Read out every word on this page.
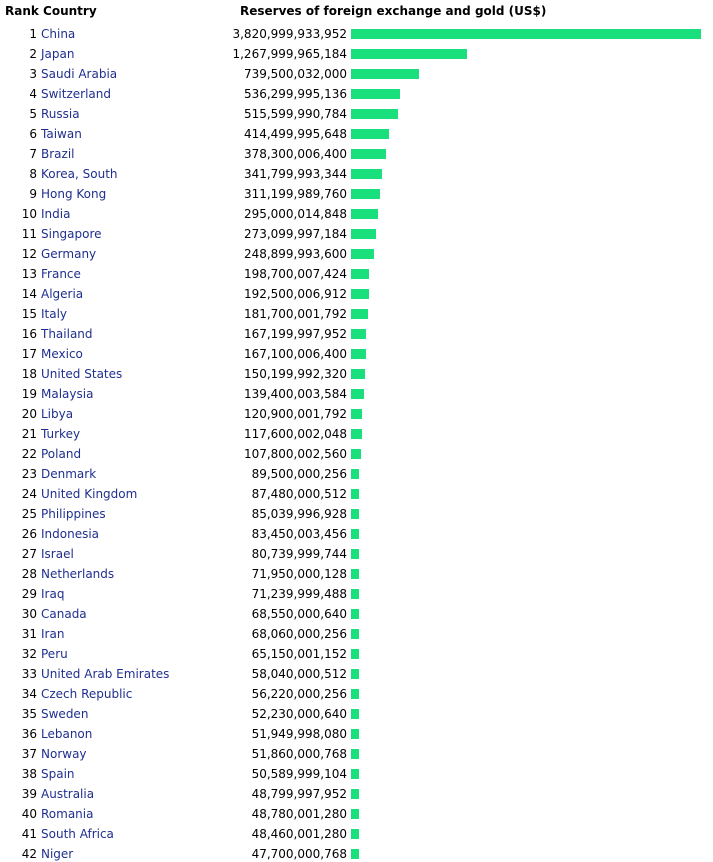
Rank Country	Reserves of foreign exchange and gold (US$)
1 China	3,820,999,933,952
2 Japan	1,267,999,965,184
3 Saudi Arabia	739,500,032,000
4 Switzerland	536,299,995,136
5 Russia	515,599,990,784
6 Taiwan	414,499,995,648
7 Brazil	378,300,006,400
8 Korea, South	341,799,993,344
9 Hong Kong	311,199,989,760
10 India	295,000,014,848
11 Singapore	273,099,997,184
12 Germany	248,899,993,600
13 France	198,700,007,424
14 Algeria	192,500,006,912
15 Italy	181,700,001,792
16 Thailand	167,199,997,952
17 Mexico	167,100,006,400
18 United States	150,199,992,320
19 Malaysia	139,400,003,584
20 Libya	120,900,001,792
21 Turkey	117,600,002,048
22 Poland	107,800,002,560
23 Denmark	89,500,000,256
24 United Kingdom	87,480,000,512
25 Philippines	85,039,996,928
26 Indonesia	83,450,003,456
27 Israel	80,739,999,744
28 Netherlands	71,950,000,128
29 Iraq	71,239,999,488
30 Canada	68,550,000,640
31 Iran	68,060,000,256
32 Peru	65,150,001,152
33 United Arab Emirates	58,040,000,512
34 Czech Republic	56,220,000,256
35 Sweden	52,230,000,640
36 Lebanon	51,949,998,080
37 Norway	51,860,000,768
38 Spain	50,589,999,104
39 Australia	48,799,997,952
40 Romania	48,780,001,280
41 South Africa	48,460,001,280
42 Niger	47,700,000,768
